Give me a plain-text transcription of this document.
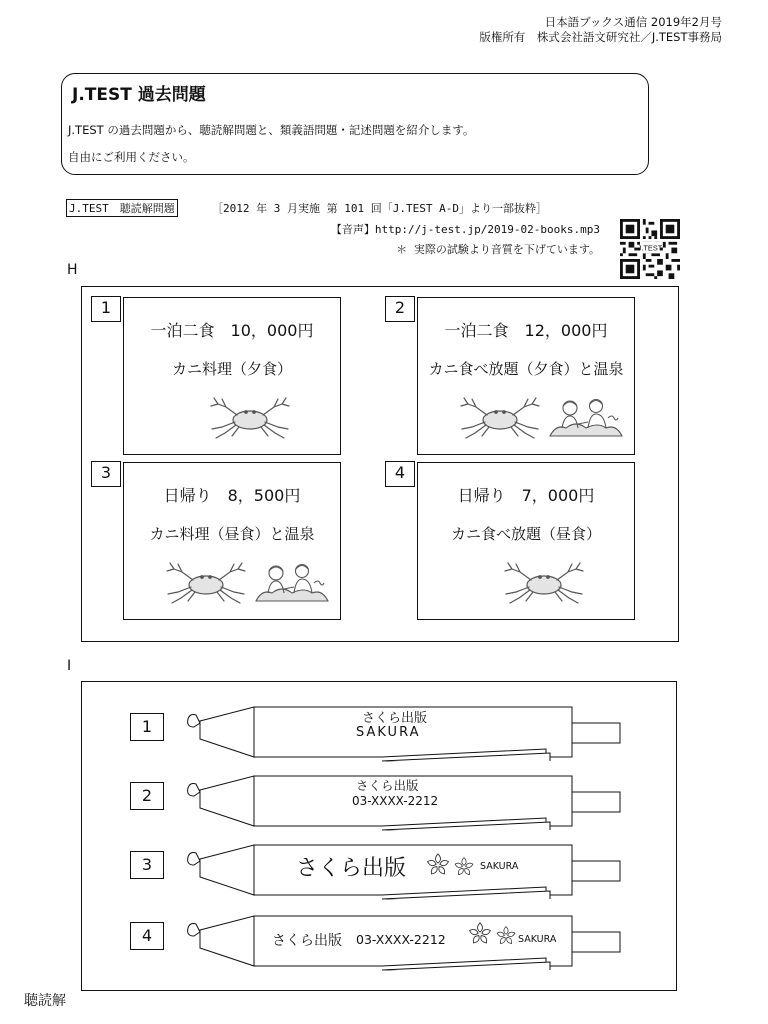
日本語ブックス通信 2019年2月号
版権所有　株式会社語文研究社／J.TEST事務局
J.TEST 過去問題
J.TEST の過去問題から、聴読解問題と、類義語問題・記述問題を紹介します。
自由にご利用ください。
J.TEST　聴読解問題	［2012 年 3 月実施 第 101 回「J.TEST A-D」より一部抜粋］
【音声】http://j-test.jp/2019-02-books.mp3
＊ 実際の試験より音質を下げています。	J.TEST
H
一泊二食　10，000円
カニ料理（夕食）
1
一泊二食　12，000円
カニ食べ放題（夕食）と温泉
2
日帰り　8，500円
カニ料理（昼食）と温泉
3
日帰り　7，000円
カニ食べ放題（昼食）
4
I
1	さくら出版
SAKURA
2
さくら出版
03-XXXX-2212
3	さくら出版	SAKURA
4	さくら出版 03-XXXX-2212	SAKURA
聴読解
